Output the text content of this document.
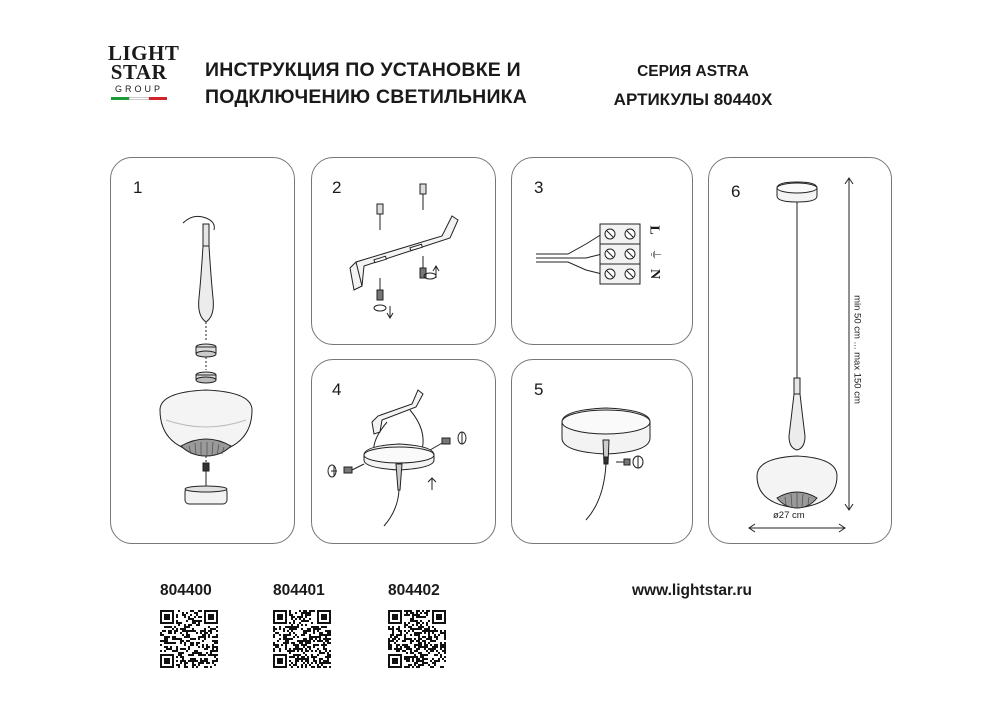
LIGHT
STAR
GROUP
ИНСТРУКЦИЯ ПО УСТАНОВКЕ И
ПОДКЛЮЧЕНИЮ СВЕТИЛЬНИКА
СЕРИЯ ASTRA
АРТИКУЛЫ 80440X
1	2	3
L
⏚
N
4	5
6
min 50 cm ... max 150 cm
ø27 cm
804400	804401	804402	www.lightstar.ru
